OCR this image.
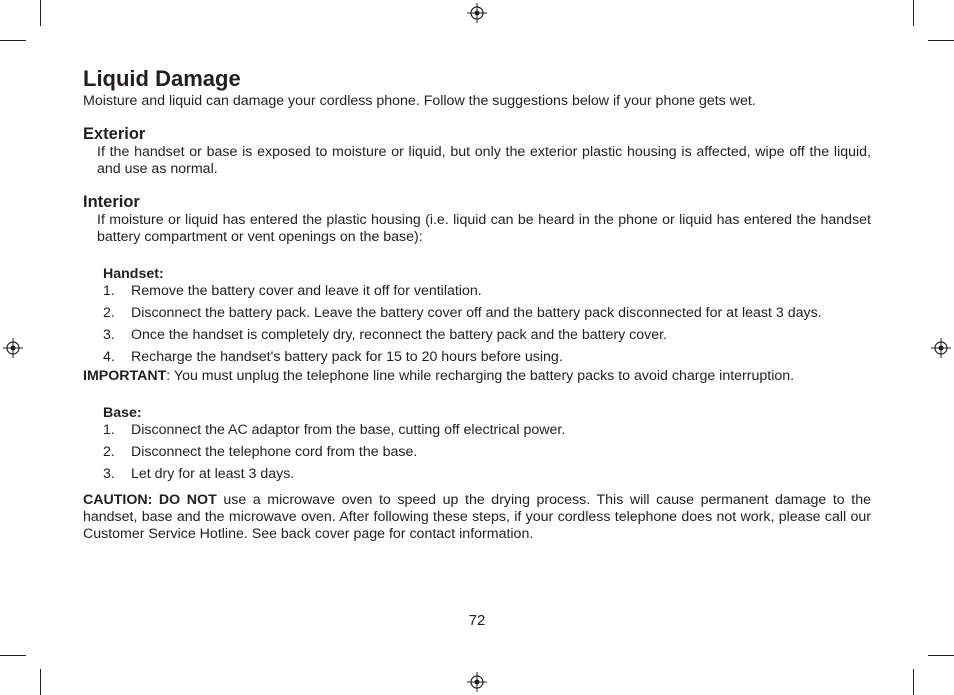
Liquid Damage

Moisture and liquid can damage your cordless phone. Follow the suggestions below if your phone gets wet.

Exterior

If the handset or base is exposed to moisture or liquid, but only the exterior plastic housing is affected, wipe off the liquid, and use as normal.

Interior

If moisture or liquid has entered the plastic housing (i.e. liquid can be heard in the phone or liquid has entered the handset battery compartment or vent openings on the base):

Handset:

1. Remove the battery cover and leave it off for ventilation.
2. Disconnect the battery pack. Leave the battery cover off and the battery pack disconnected for at least 3 days.
3. Once the handset is completely dry, reconnect the battery pack and the battery cover.
4. Recharge the handset's battery pack for 15 to 20 hours before using.

IMPORTANT: You must unplug the telephone line while recharging the battery packs to avoid charge interruption.

Base:

1. Disconnect the AC adaptor from the base, cutting off electrical power.
2. Disconnect the telephone cord from the base.
3. Let dry for at least 3 days.

CAUTION: DO NOT use a microwave oven to speed up the drying process. This will cause permanent damage to the handset, base and the microwave oven. After following these steps, if your cordless telephone does not work, please call our Customer Service Hotline. See back cover page for contact information.

72
